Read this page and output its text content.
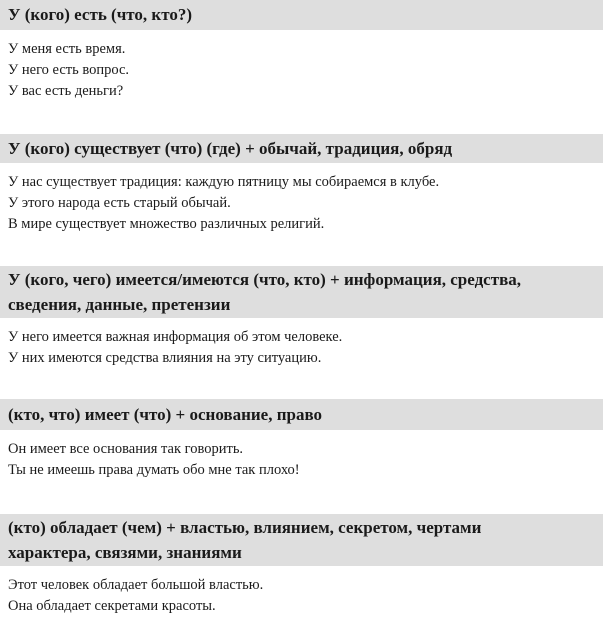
У (кого) есть (что, кто?)
У меня есть время.
У него есть вопрос.
У вас есть деньги?
У (кого) существует (что) (где) + обычай, традиция, обряд
У нас существует традиция: каждую пятницу мы собираемся в клубе.
У этого народа есть старый обычай.
В мире существует множество различных религий.
У (кого, чего) имеется/имеются (что, кто) + информация, средства,
сведения, данные, претензии
У него имеется важная информация об этом человеке.
У них имеются средства влияния на эту ситуацию.
(кто, что) имеет (что) + основание, право
Он имеет все основания так говорить.
Ты не имеешь права думать обо мне так плохо!
(кто) обладает (чем) + властью, влиянием, секретом, чертами
характера, связями, знаниями
Этот человек обладает большой властью.
Она обладает секретами красоты.
